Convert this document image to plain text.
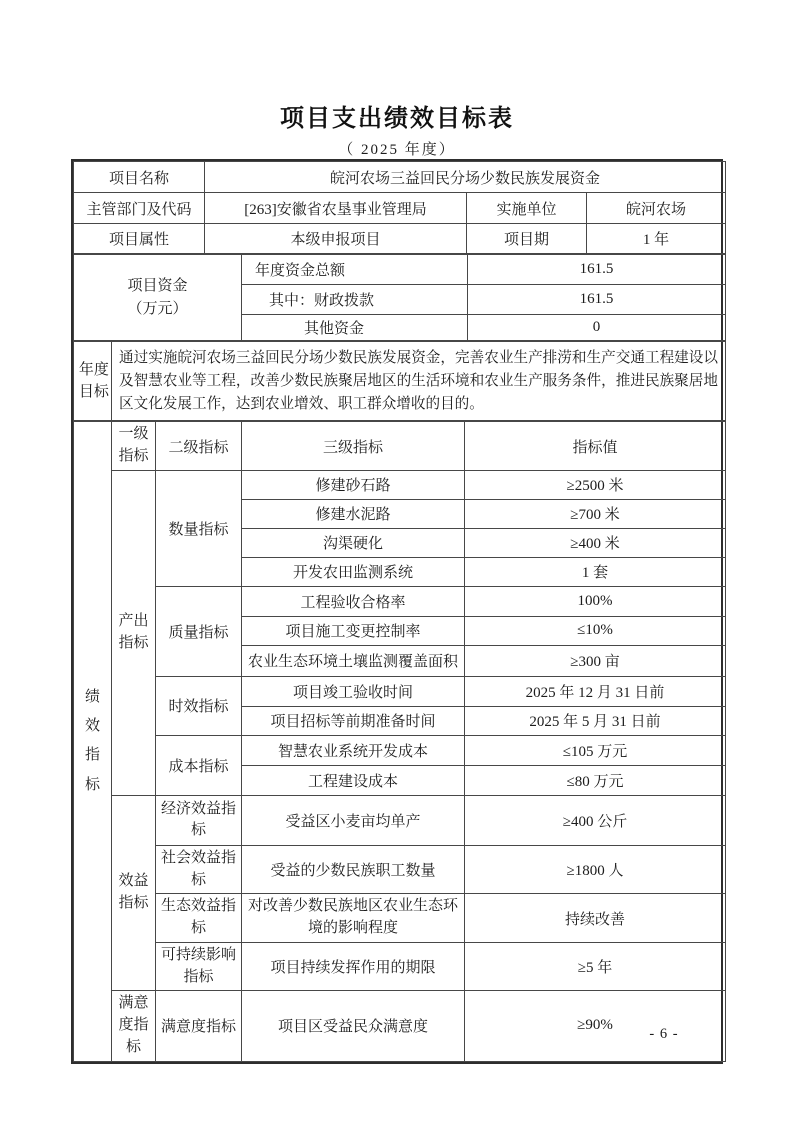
项目支出绩效目标表
（ 2025 年度）
项目名称	皖河农场三益回民分场少数民族发展资金		
主管部门及代码	[263]安徽省农垦事业管理局	实施单位	皖河农场
项目属性	本级申报项目	项目期	1 年
项目资金（万元）	年度资金总额	161.5
	其中：财政拨款	161.5
	其他资金	0
年度目标	通过实施皖河农场三益回民分场少数民族发展资金，完善农业生产排涝和生产交通工程建设以及智慧农业等工程，改善少数民族聚居地区的生活环境和农业生产服务条件，推进民族聚居地区文化发展工作，达到农业增效、职工群众增收的目的。
绩效指标	一级指标	二级指标	三级指标	指标值
	产出指标	数量指标	修建砂石路	≥2500 米
			修建水泥路	≥700 米
			沟渠硬化	≥400 米
			开发农田监测系统	1 套
		质量指标	工程验收合格率	100%
			项目施工变更控制率	≤10%
			农业生态环境土壤监测覆盖面积	≥300 亩
		时效指标	项目竣工验收时间	2025 年 12 月 31 日前
			项目招标等前期准备时间	2025 年 5 月 31 日前
		成本指标	智慧农业系统开发成本	≤105 万元
			工程建设成本	≤80 万元
	效益指标	经济效益指标	受益区小麦亩均单产	≥400 公斤
		社会效益指标	受益的少数民族职工数量	≥1800 人
		生态效益指标	对改善少数民族地区农业生态环境的影响程度	持续改善
		可持续影响指标	项目持续发挥作用的期限	≥5 年
	满意度指标	满意度指标	项目区受益民众满意度	≥90%
- 6 -
